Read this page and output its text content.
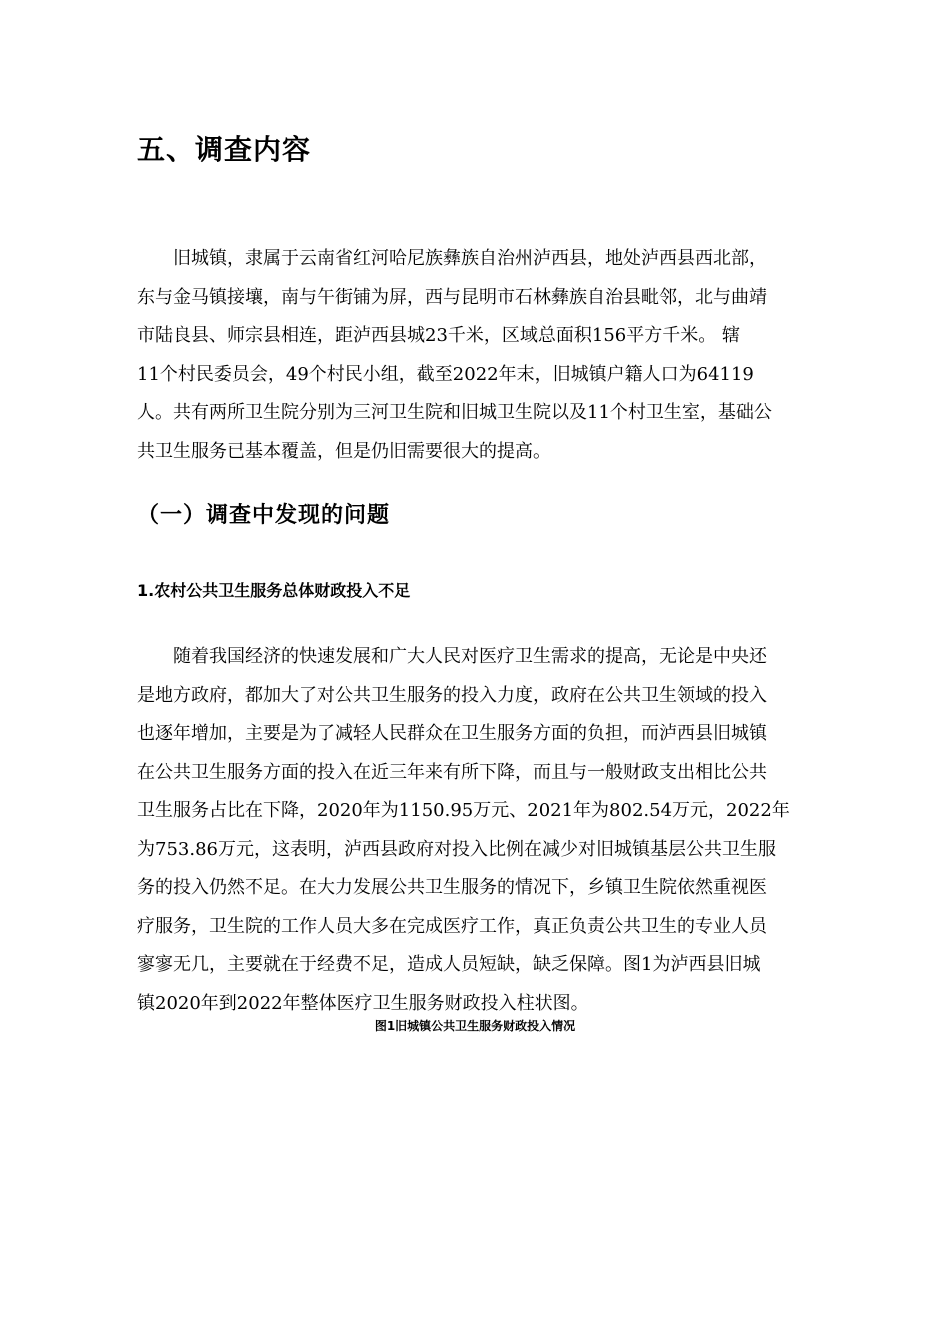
五、调查内容
旧城镇，隶属于云南省红河哈尼族彝族自治州泸西县，地处泸西县西北部，
东与金马镇接壤，南与午街铺为屏，西与昆明市石林彝族自治县毗邻，北与曲靖
市陆良县、师宗县相连，距泸西县城23千米，区域总面积156平方千米。 辖
11个村民委员会，49个村民小组，截至2022年末，旧城镇户籍人口为64119
人。共有两所卫生院分别为三河卫生院和旧城卫生院以及11个村卫生室，基础公
共卫生服务已基本覆盖，但是仍旧需要很大的提高。
（一）调查中发现的问题
1.农村公共卫生服务总体财政投入不足
随着我国经济的快速发展和广大人民对医疗卫生需求的提高，无论是中央还
是地方政府，都加大了对公共卫生服务的投入力度，政府在公共卫生领域的投入
也逐年增加，主要是为了减轻人民群众在卫生服务方面的负担，而泸西县旧城镇
在公共卫生服务方面的投入在近三年来有所下降，而且与一般财政支出相比公共
卫生服务占比在下降，2020年为1150.95万元、2021年为802.54万元，2022年
为753.86万元，这表明，泸西县政府对投入比例在减少对旧城镇基层公共卫生服
务的投入仍然不足。在大力发展公共卫生服务的情况下，乡镇卫生院依然重视医
疗服务，卫生院的工作人员大多在完成医疗工作，真正负责公共卫生的专业人员
寥寥无几，主要就在于经费不足，造成人员短缺，缺乏保障。图1为泸西县旧城
镇2020年到2022年整体医疗卫生服务财政投入柱状图。

图1旧城镇公共卫生服务财政投入情况
